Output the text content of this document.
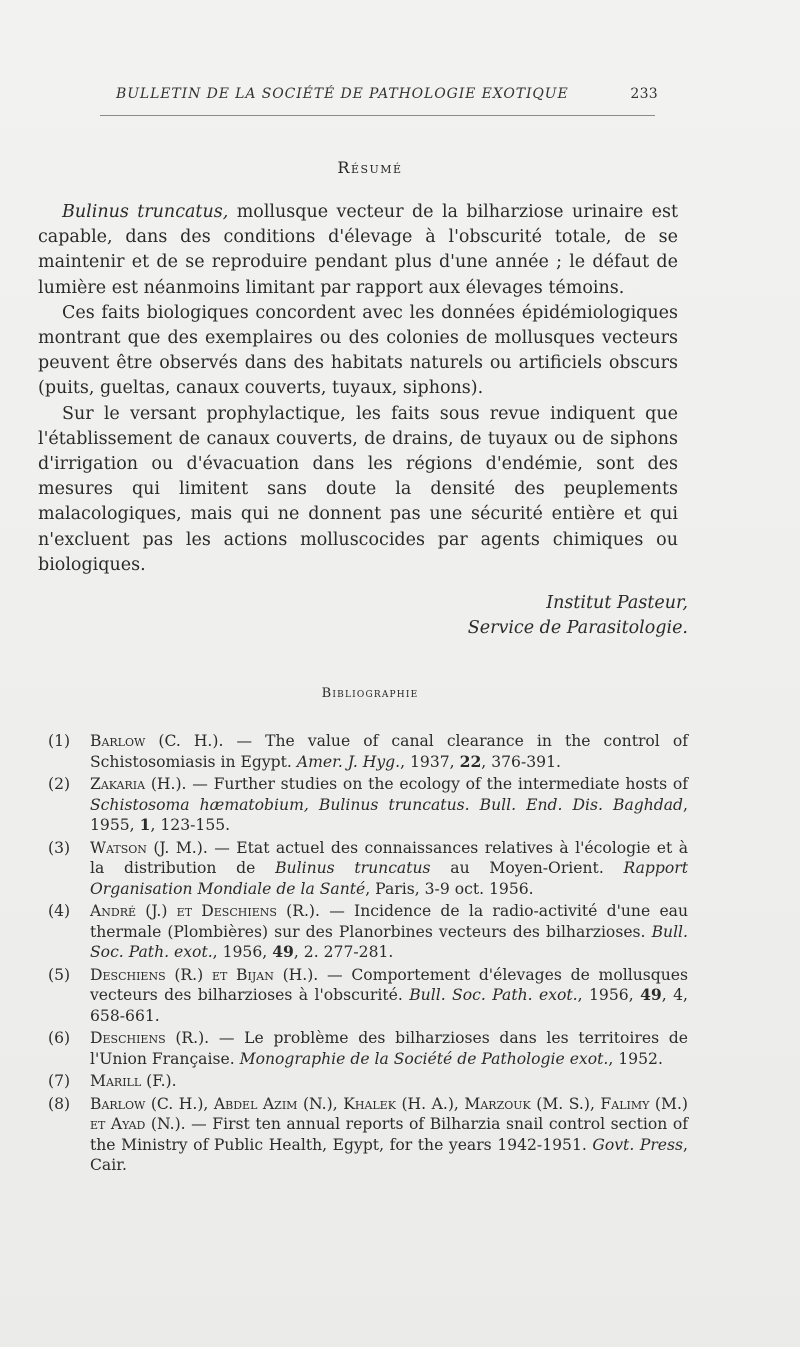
BULLETIN DE LA SOCIÉTÉ DE PATHOLOGIE EXOTIQUE	233
Résumé

Bulinus truncatus, mollusque vecteur de la bilharziose urinaire est capable, dans des conditions d'élevage à l'obscurité totale, de se maintenir et de se reproduire pendant plus d'une année ; le défaut de lumière est néanmoins limitant par rapport aux élevages témoins.

Ces faits biologiques concordent avec les données épidémiologiques montrant que des exemplaires ou des colonies de mollusques vecteurs peuvent être observés dans des habitats naturels ou artificiels obscurs (puits, gueltas, canaux couverts, tuyaux, siphons).

Sur le versant prophylactique, les faits sous revue indiquent que l'établissement de canaux couverts, de drains, de tuyaux ou de siphons d'irrigation ou d'évacuation dans les régions d'endémie, sont des mesures qui limitent sans doute la densité des peuplements malacologiques, mais qui ne donnent pas une sécurité entière et qui n'excluent pas les actions molluscocides par agents chimiques ou biologiques.

Institut Pasteur,
Service de Parasitologie.
Bibliographie
(1) Barlow (C. H.). — The value of canal clearance in the control of Schistosomiasis in Egypt. Amer. J. Hyg., 1937, 22, 376-391.
(2) Zakaria (H.). — Further studies on the ecology of the intermediate hosts of Schistosoma hæmatobium, Bulinus truncatus. Bull. End. Dis. Baghdad, 1955, 1, 123-155.
(3) Watson (J. M.). — Etat actuel des connaissances relatives à l'écologie et à la distribution de Bulinus truncatus au Moyen-Orient. Rapport Organisation Mondiale de la Santé, Paris, 3-9 oct. 1956.
(4) André (J.) et Deschiens (R.). — Incidence de la radio-activité d'une eau thermale (Plombières) sur des Planorbines vecteurs des bilharzioses. Bull. Soc. Path. exot., 1956, 49, 2. 277-281.
(5) Deschiens (R.) et Bijan (H.). — Comportement d'élevages de mollusques vecteurs des bilharzioses à l'obscurité. Bull. Soc. Path. exot., 1956, 49, 4, 658-661.
(6) Deschiens (R.). — Le problème des bilharzioses dans les territoires de l'Union Française. Monographie de la Société de Pathologie exot., 1952.
(7) Marill (F.).
(8) Barlow (C. H.), Abdel Azim (N.), Khalek (H. A.), Marzouk (M. S.), Falimy (M.) et Ayad (N.). — First ten annual reports of Bilharzia snail control section of the Ministry of Public Health, Egypt, for the years 1942-1951. Govt. Press, Cair.
